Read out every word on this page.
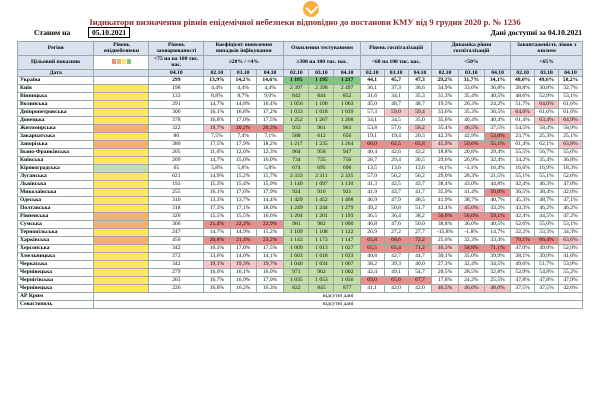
Індикатори визначення рівнів епідемічної небезпеки відповідно до постанови КМУ від 9 грудня 2020 р. № 1236
Станом на	05.10.2021	Дані доступні за 04.10.2021
Регіон	Рівень епіднебезпеки	Рівень захворюваності	Коефіцієнт виявлення випадків інфікування			Охоплення тестуванням			Рівень госпіталізацій			Динаміка рівня госпіталізацій			Завантаженість ліжок з киснем		
Цільовий показник		<75 на на 100 тис. нас.	≥20% / <4%			≥300 на 100 тис. нас.			<60 на 100 тис. нас.			<50%			<65%		
Дата		04.10	02.10	03.10	04.10	02.10	03.10	04.10	02.10	03.10	04.10	02.10	03.10	04.10	02.10	03.10	04.10
Україна		299	13,9%	14,2%	14,6%	1 185	1 195	1 217	44,1	45,7	47,3	29,2%	31,7%	34,1%	48,0%	49,6%	50,2%
Київ		198	4,4%	4,4%	4,4%	2 397	2 398	2 497	36,1	37,3	38,6	34,9%	33,6%	36,8%	28,8%	30,8%	32,7%
Вінницька		133	8,8%	8,7%	9,0%	842	844	852	31,6	34,1	35,3	31,3%	35,4%	40,5%	48,6%	52,9%	53,1%
Волинська		291	14,7%	14,8%	16,4%	1 056	1 100	1 063	45,0	48,7	48,7	19,3%	26,3%	24,2%	51,7%	64,6%	61,6%
Дніпропетровська		306	16,1%	16,8%	17,2%	1 033	1 018	1 039	57,3	59,0	59,4	33,6%	35,3%	36,5%	64,6%	61,6%	61,6%
Донецька		378	16,8%	17,0%	17,5%	1 252	1 267	1 268	34,1	34,5	35,0	35,6%	40,4%	40,4%	61,4%	63,4%	64,9%
Житомирська		322	19,7%	20,2%	20,3%	933	961	963	53,8	57,6	58,2	35,4%	46,5%	37,5%	54,5%	58,4%	58,9%
Закарпатська		80	7,5%	7,4%	7,1%	588	612	656	19,1	19,4	20,3	42,3%	42,9%	53,0%	23,7%	25,3%	25,1%
Запорізька		380	17,5%	17,9%	18,2%	1 217	1 235	1 264	60,0	62,5	65,8	45,9%	50,6%	55,1%	61,4%	62,1%	63,8%
Івано-Франківська		205	11,6%	12,0%	12,3%	964	958	947	40,4	42,6	43,2	18,8%	20,8%	29,4%	55,5%	56,7%	55,6%
Київська		209	14,7%	15,0%	16,0%	734	735	756	28,7	29,4	30,5	29,6%	26,9%	32,4%	34,2%	35,4%	36,8%
Кіровоградська		65	5,8%	5,8%	5,8%	674	695	696	13,5	13,6	13,6	-8,1%	-3,1%	16,4%	16,6%	16,9%	18,3%
Луганська		621	14,9%	15,2%	15,7%	2 333	2 311	2 335	57,0	56,2	56,2	29,0%	28,3%	21,5%	55,1%	55,1%	52,6%
Львівська		193	15,3%	15,4%	15,9%	1 140	1 097	1 110	41,3	42,5	43,7	38,4%	43,0%	44,8%	42,4%	46,3%	47,0%
Миколаївська		255	16,1%	17,6%	17,9%	924	916	921	41,9	43,7	41,7	35,9%	41,4%	50,0%	36,5%	38,4%	42,0%
Одеська		310	13,3%	13,7%	14,4%	1 429	1 452	1 468	46,9	47,9	48,5	41,9%	38,7%	40,7%	45,3%	48,7%	47,1%
Полтавська		318	17,3%	17,1%	18,0%	1 249	1 244	1 279	49,2	50,8	51,7	42,4%	45,0%	43,2%	43,3%	46,2%	46,2%
Рівненська		326	15,5%	15,5%	16,6%	1 204	1 201	1 193	36,5	36,4	38,2	56,0%	56,0%	59,1%	42,4%	44,5%	47,2%
Сумська		366	21,4%	22,2%	22,9%	981	982	1 000	46,8	47,6	50,0	38,8%	36,0%	40,5%	52,6%	55,6%	53,1%
Тернопільська		247	14,7%	14,9%	15,2%	1 109	1 108	1 122	26,9	27,2	27,7	-15,8%	-1,8%	14,7%	32,2%	33,3%	34,3%
Харківська		450	20,8%	21,4%	23,2%	1 143	1 173	1 147	65,8	68,6	72,2	25,0%	32,3%	33,4%	70,1%	66,4%	63,6%
Херсонська		342	16,3%	17,0%	17,5%	1 009	1 013	1 027	65,5	65,4	71,2	46,3%	58,8%	71,1%	47,0%	49,0%	52,9%
Хмельницька		372	13,6%	14,0%	14,1%	1 603	1 618	1 633	40,8	42,7	44,7	30,1%	35,0%	39,9%	38,1%	39,9%	41,6%
Черкаська		342	19,1%	19,3%	19,7%	1 040	1 034	1 067	38,2	39,3	40,0	27,3%	32,4%	34,5%	49,6%	51,7%	53,9%
Чернівецька		279	16,0%	16,1%	16,0%	971	962	1 002	42,4	49,1	54,7	20,5%	28,5%	32,8%	52,9%	54,8%	55,2%
Чернігівська		263	16,7%	16,9%	17,0%	1 035	1 053	1 056	69,0	65,6	67,7	17,8%	24,2%	25,5%	47,8%	47,8%	47,9%
Чернівецька		226	16,0%	16,2%	16,3%	822	845	877	41,1	42,0	42,0	46,5%	46,6%	48,0%	37,5%	47,5%	42,6%
АР Крим	відсутні дані																
Севастополь	відсутні дані																
